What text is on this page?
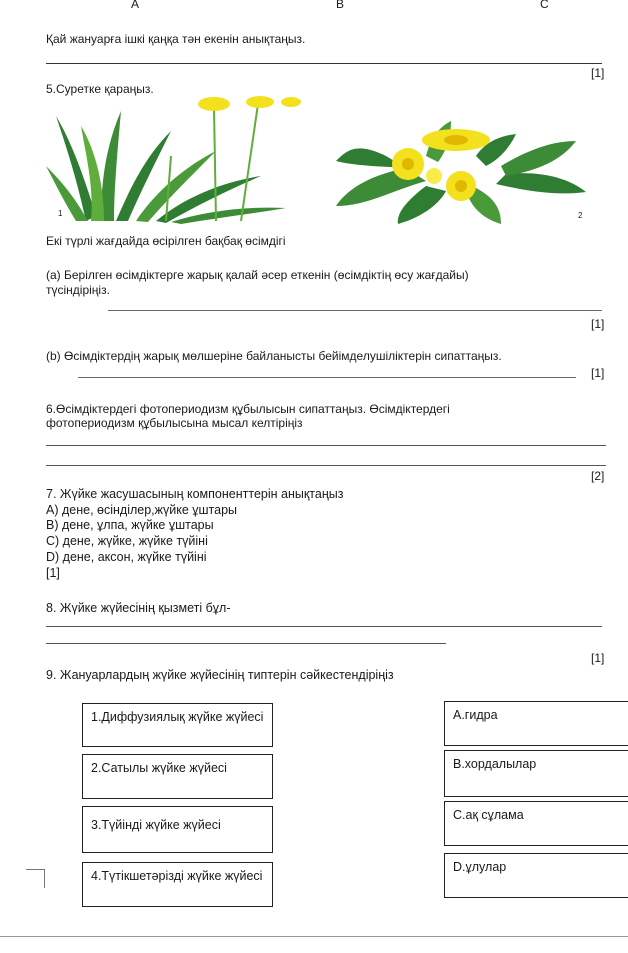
A	B	C
Қай жануарға ішкі қаңқа тән екенін анықтаңыз.
[1]
5.Суретке қараңыз.
1	2
Екі түрлі жағдайда өсірілген бақбақ өсімдігі
(a) Берілген өсімдіктерге жарық қалай әсер еткенін (өсімдіктің өсу жағдайы)
түсіндіріңіз.
[1]
(b) Өсімдіктердің жарық мөлшеріне байланысты бейімделушіліктерін сипаттаңыз.
[1]
6.Өсімдіктердегі фотопериодизм құбылысын сипаттаңыз. Өсімдіктердегі
фотопериодизм құбылысына мысал келтіріңіз
[2]
7. Жүйке жасушасының компоненттерін анықтаңыз
A) дене, өсінділер,жүйке ұштары
B) дене, ұлпа, жүйке ұштары
C) дене, жүйке, жүйке түйіні
D) дене, аксон, жүйке түйіні
[1]
8. Жүйке жүйесінің қызметі бұл-
[1]
9. Жануарлардың жүйке жүйесінің типтерін сәйкестендіріңіз
1.Диффузиялық жүйке жүйесі
2.Сатылы жүйке жүйесі
3.Түйінді жүйке жүйесі
4.Түтікшетәрізді жүйке жүйесі
A.гидра
B.хордалылар
C.ақ сұлама
D.ұлулар
